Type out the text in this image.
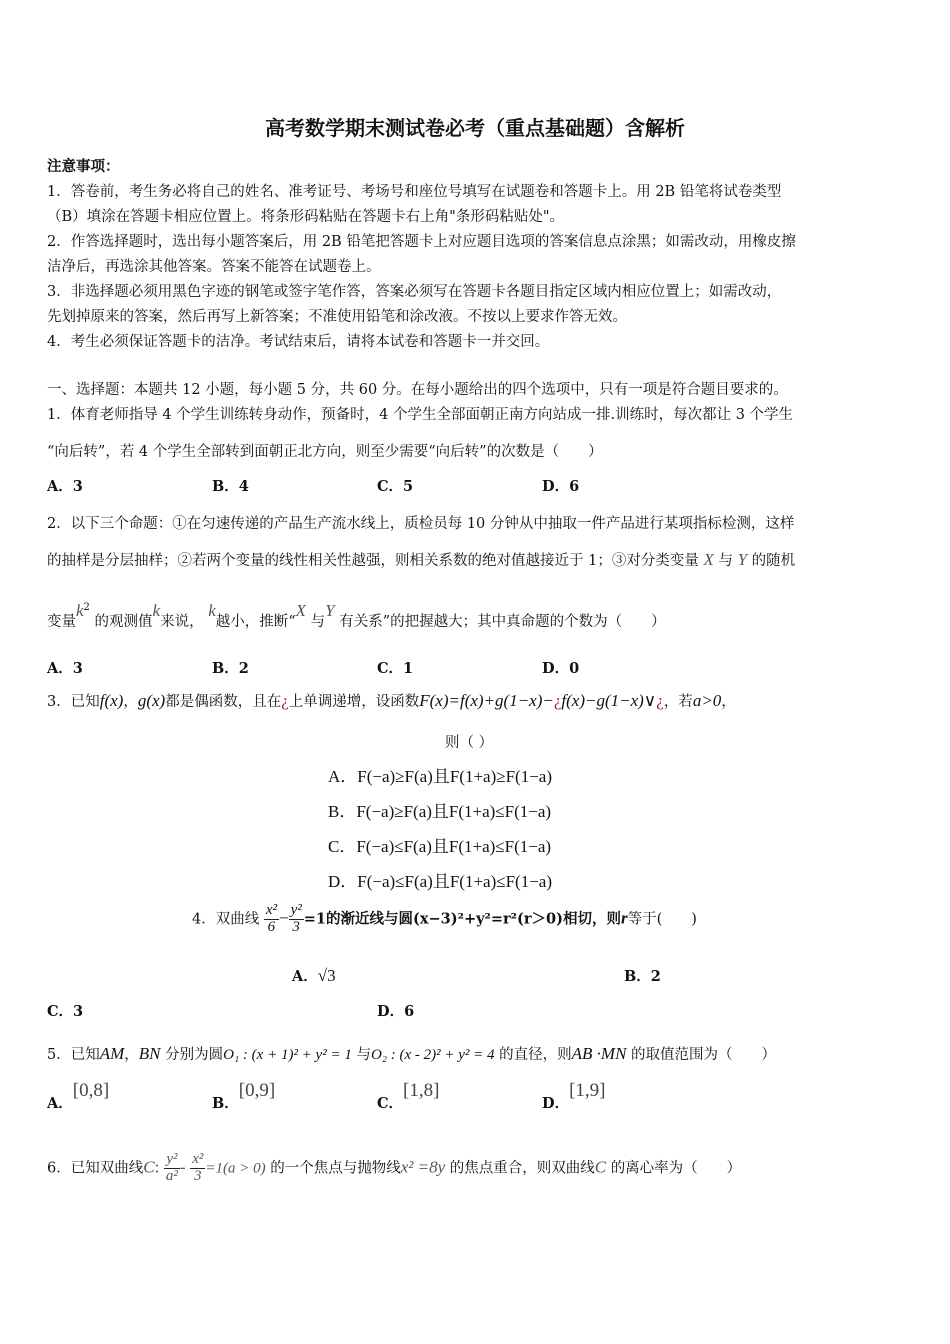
高考数学期末测试卷必考（重点基础题）含解析
注意事项：
1．答卷前，考生务必将自己的姓名、准考证号、考场号和座位号填写在试题卷和答题卡上。用 2B 铅笔将试卷类型
（B）填涂在答题卡相应位置上。将条形码粘贴在答题卡右上角"条形码粘贴处"。
2．作答选择题时，选出每小题答案后，用 2B 铅笔把答题卡上对应题目选项的答案信息点涂黑；如需改动，用橡皮擦
洁净后，再选涂其他答案。答案不能答在试题卷上。
3．非选择题必须用黑色字迹的钢笔或签字笔作答，答案必须写在答题卡各题目指定区域内相应位置上；如需改动，
先划掉原来的答案，然后再写上新答案；不准使用铅笔和涂改液。不按以上要求作答无效。
4．考生必须保证答题卡的洁净。考试结束后，请将本试卷和答题卡一并交回。
一、选择题：本题共 12 小题，每小题 5 分，共 60 分。在每小题给出的四个选项中，只有一项是符合题目要求的。
1．体育老师指导 4 个学生训练转身动作，预备时，4 个学生全部面朝正南方向站成一排.训练时，每次都让 3 个学生
“向后转”，若 4 个学生全部转到面朝正北方向，则至少需要“向后转”的次数是（　　）
A．3	B．4	C．5	D．6
2．以下三个命题：①在匀速传递的产品生产流水线上，质检员每 10 分钟从中抽取一件产品进行某项指标检测，这样
的抽样是分层抽样；②若两个变量的线性相关性越强，则相关系数的绝对值越接近于 1；③对分类变量 X 与 Y 的随机
变量$k^2$ 的观测值k来说， k越小，推断“X 与Y 有关系”的把握越大；其中真命题的个数为（　　）
A．3	B．2	C．1	D．0
3．已知f(x)，g(x)都是偶函数，且在¿上单调递增，设函数F(x)=f(x)+g(1−x)−¿f(x)−g(1−x)∨¿，若a>0，
则（ ）
A．F(−a)≥F(a)且F(1+a)≥F(1−a)
B．F(−a)≥F(a)且F(1+a)≤F(1−a)
C．F(−a)≤F(a)且F(1+a)≤F(1−a)
D．F(−a)≤F(a)且F(1+a)≤F(1−a)
4．双曲线 $\frac{\text{x²}}{6} - \frac{\text{y²}}{3} =1$的渐近线与圆(x−3)²+y²=r²(r＞0)相切，则r等于(　　)
A．√3	B．2
C．3	D．6
5．已知AM，BN 分别为圆O₁ : (x + 1)² + y² = 1 与O₂ : (x - 2)² + y² = 4 的直径，则AB ·MN 的取值范围为（　　）
A．[0,8]
B．[0,9]
C．[1,8]
D．[1,9]
6．已知双曲线C: $\frac{\text{y²}}{\text{a²}} - \frac{\text{x²}}{3} =1(a > 0)$ 的一个焦点与抛物线x² =8y 的焦点重合，则双曲线C 的离心率为（　　）
